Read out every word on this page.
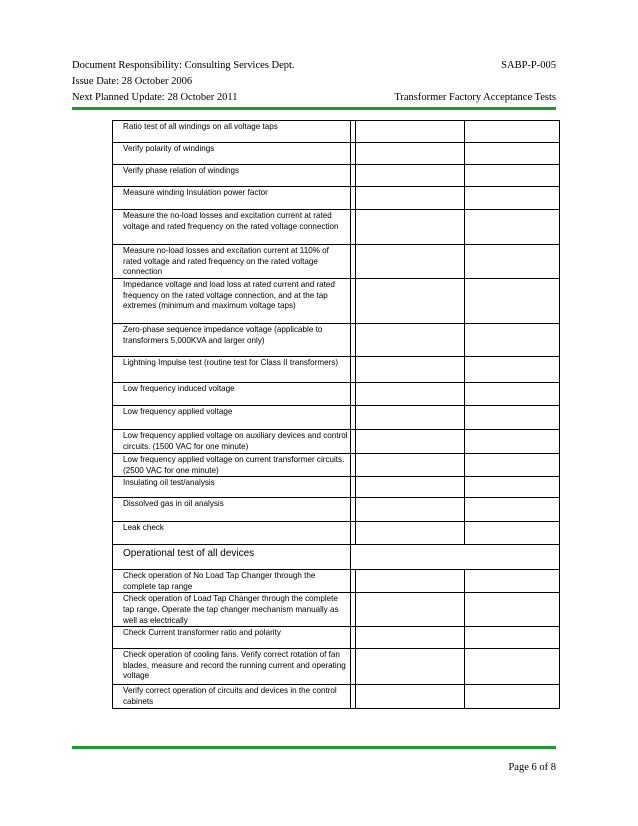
Document Responsibility: Consulting Services Dept.	SABP-P-005
Issue Date: 28 October 2006
Next Planned Update: 28 October 2011	Transformer Factory Acceptance Tests
Ratio test of all windings on all voltage taps			
Verify polarity of windings			
Verify phase relation of windings			
Measure winding Insulation power factor			
Measure the no-load losses and excitation current at rated voltage and rated frequency on the rated voltage connection			
Measure no-load losses and excitation current at 110% of rated voltage and rated frequency on the rated voltage connection			
Impedance voltage and load loss at rated current and rated frequency on the rated voltage connection, and at the tap extremes (minimum and maximum voltage taps)			
Zero-phase sequence impedance voltage (applicable to transformers 5,000KVA and larger only)			
Lightning Impulse test (routine test for Class II transformers)			
Low frequency induced voltage			
Low frequency applied voltage			
Low frequency applied voltage on auxiliary devices and control circuits. (1500 VAC for one minute)			
Low frequency applied voltage on current transformer circuits. (2500 VAC for one minute)			
Insulating oil test/analysis			
Dissolved gas in oil analysis			
Leak check			
Operational test of all devices			
Check operation of No Load Tap Changer through the complete tap range			
Check operation of Load Tap Changer through the complete tap range. Operate the tap changer mechanism manually as well as electrically			
Check Current transformer ratio and polarity			
Check operation of cooling fans. Verify correct rotation of fan blades, measure and record the running current and operating voltage			
Verify correct operation of circuits and devices in the control cabinets			
Page 6 of 8
